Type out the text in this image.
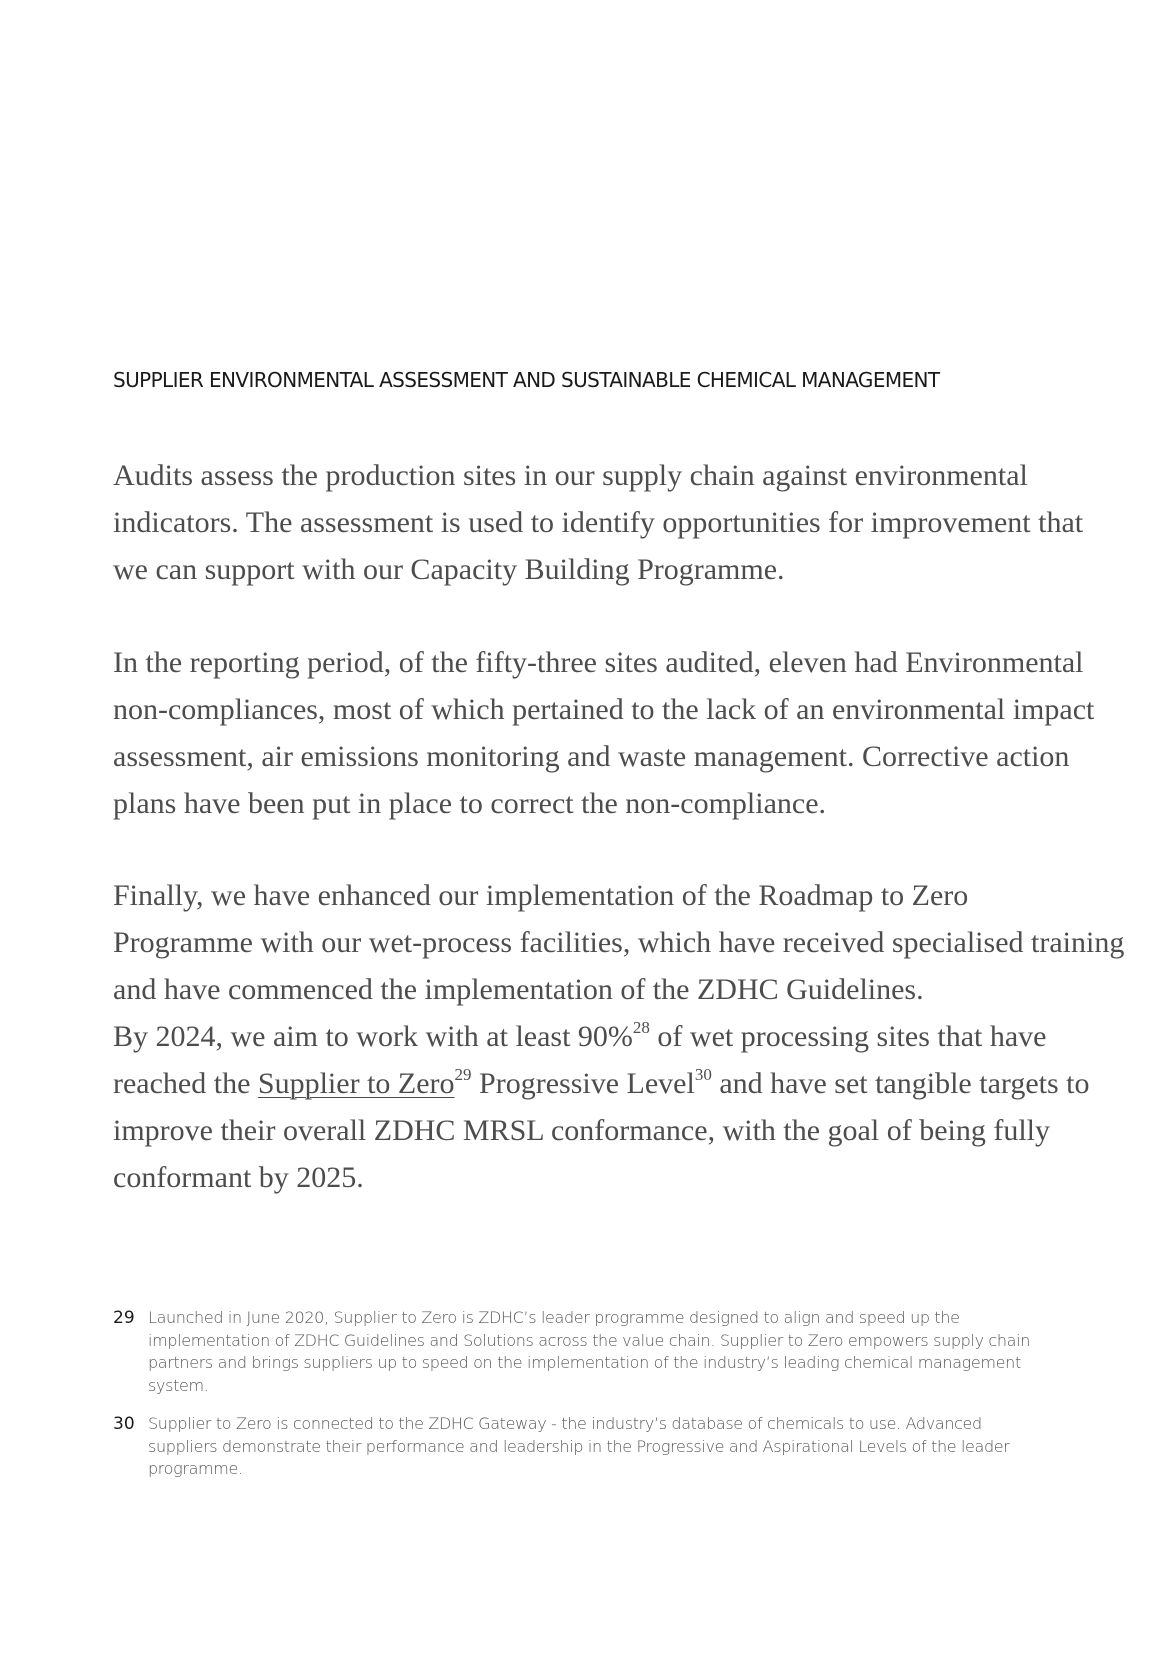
SUPPLIER ENVIRONMENTAL ASSESSMENT AND SUSTAINABLE CHEMICAL MANAGEMENT

Audits assess the production sites in our supply chain against environmental
indicators. The assessment is used to identify opportunities for improvement that
we can support with our Capacity Building Programme.

In the reporting period, of the fifty-three sites audited, eleven had Environmental
non-compliances, most of which pertained to the lack of an environmental impact
assessment, air emissions monitoring and waste management. Corrective action
plans have been put in place to correct the non-compliance.

Finally, we have enhanced our implementation of the Roadmap to Zero
Programme with our wet-process facilities, which have received specialised training
and have commenced the implementation of the ZDHC Guidelines.
By 2024, we aim to work with at least 90%$^{28}$ of wet processing sites that have
reached the Supplier to Zero$^{29}$ Progressive Level$^{30}$ and have set tangible targets to
improve their overall ZDHC MRSL conformance, with the goal of being fully
conformant by 2025.

29 Launched in June 2020, Supplier to Zero is ZDHC’s leader programme designed to align and speed up the
implementation of ZDHC Guidelines and Solutions across the value chain. Supplier to Zero empowers supply chain
partners and brings suppliers up to speed on the implementation of the industry’s leading chemical management
system.
30 Supplier to Zero is connected to the ZDHC Gateway - the industry’s database of chemicals to use. Advanced
suppliers demonstrate their performance and leadership in the Progressive and Aspirational Levels of the leader
programme.
